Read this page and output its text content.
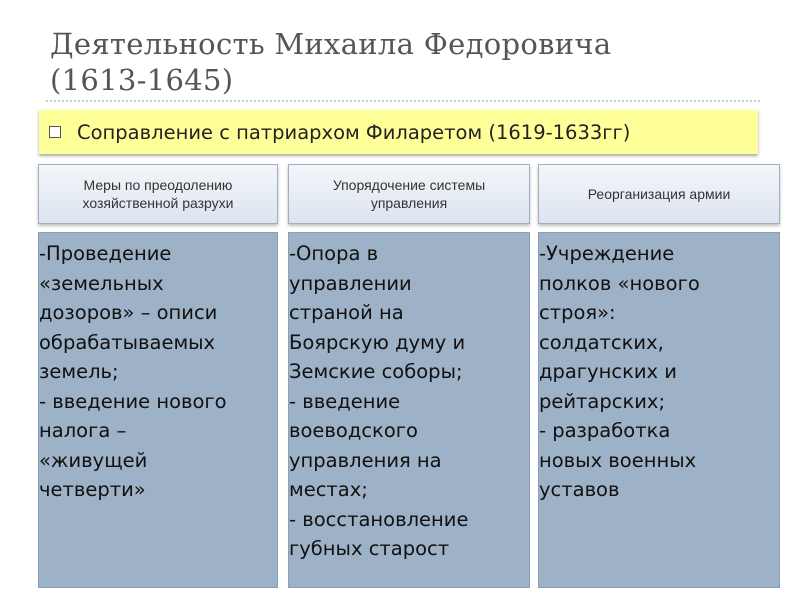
Деятельность Михаила Федоровича
(1613-1645)
Соправление с патриархом Филаретом (1619-1633гг)
Меры по преодолению
хозяйственной разрухи
-Проведение
«земельных
дозоров» – описи
обрабатываемых
земель;
- введение нового
налога –
«живущей
четверти»
Упорядочение системы
управления
-Опора в
управлении
страной на
Боярскую думу и
Земские соборы;
- введение
воеводского
управления на
местах;
- восстановление
губных старост
Реорганизация армии
-Учреждение
полков «нового
строя»:
солдатских,
драгунских и
рейтарских;
- разработка
новых военных
уставов
